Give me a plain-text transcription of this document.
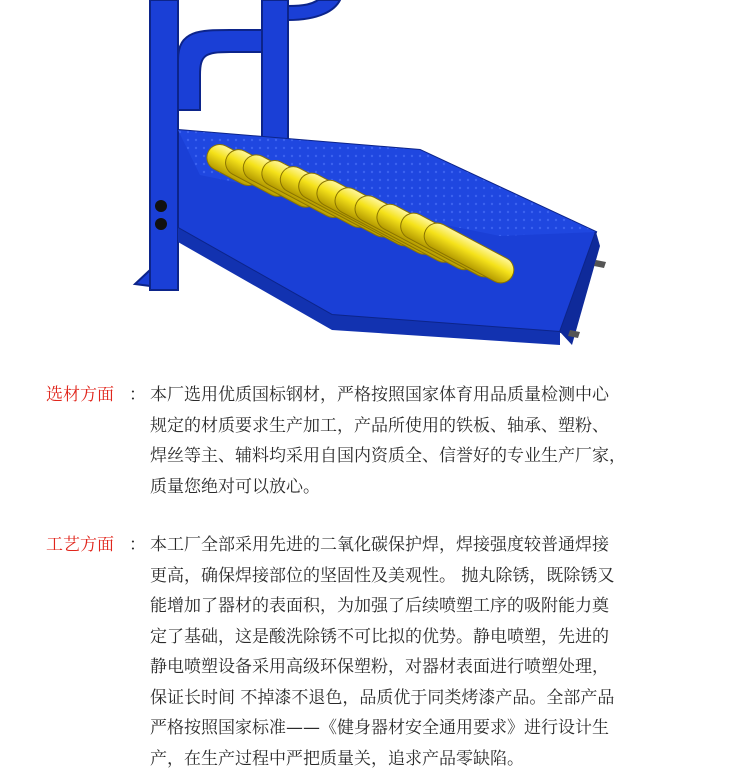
选材方面 ： 本厂选用优质国标钢材，严格按照国家体育用品质量检测中心
规定的材质要求生产加工，产品所使用的铁板、轴承、塑粉、
焊丝等主、辅料均采用自国内资质全、信誉好的专业生产厂家，
质量您绝对可以放心。
工艺方面 ： 本工厂全部采用先进的二氧化碳保护焊，焊接强度较普通焊接
更高，确保焊接部位的坚固性及美观性。 抛丸除锈，既除锈又
能增加了器材的表面积，为加强了后续喷塑工序的吸附能力奠
定了基础，这是酸洗除锈不可比拟的优势。静电喷塑，先进的
静电喷塑设备采用高级环保塑粉，对器材表面进行喷塑处理，
保证长时间 不掉漆不退色，品质优于同类烤漆产品。全部产品
严格按照国家标准——《健身器材安全通用要求》进行设计生
产，在生产过程中严把质量关，追求产品零缺陷。
